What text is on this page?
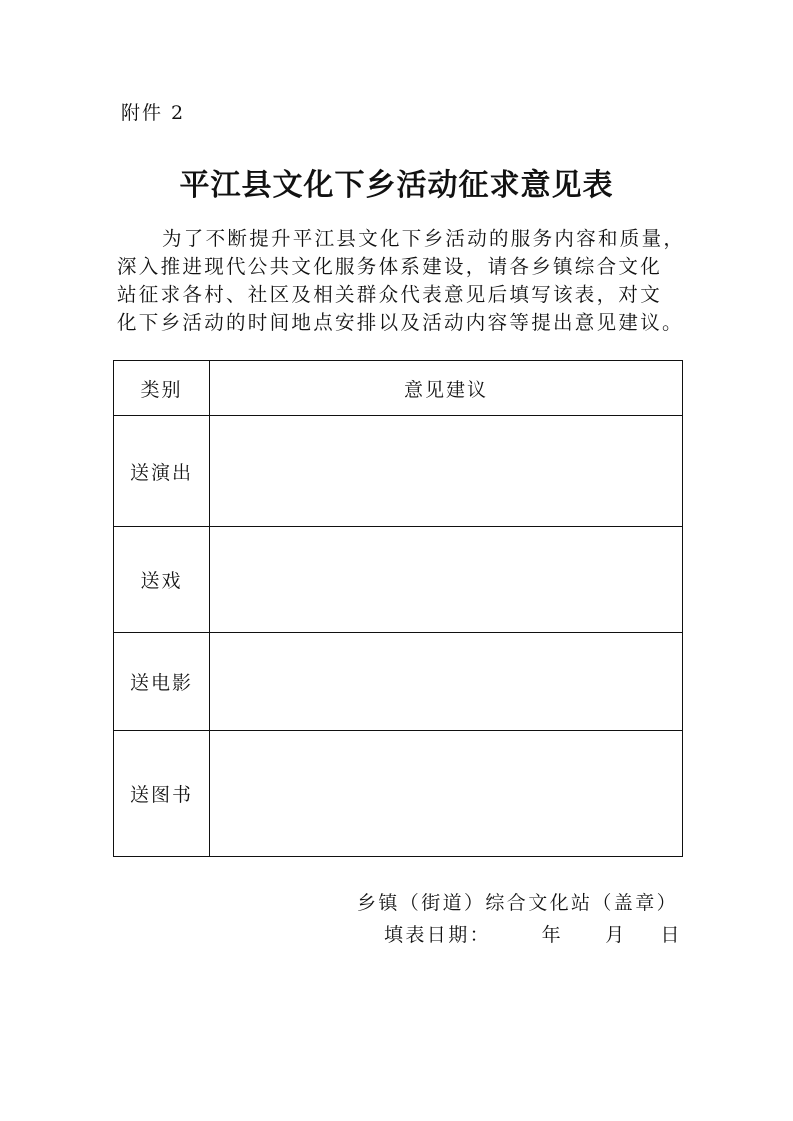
附件 2
平江县文化下乡活动征求意见表
为了不断提升平江县文化下乡活动的服务内容和质量，
深入推进现代公共文化服务体系建设，请各乡镇综合文化
站征求各村、社区及相关群众代表意见后填写该表，对文
化下乡活动的时间地点安排以及活动内容等提出意见建议。
类别	意见建议
送演出	
送戏	
送电影	
送图书	
乡镇（街道）综合文化站（盖章）
填表日期：	年 月 日
